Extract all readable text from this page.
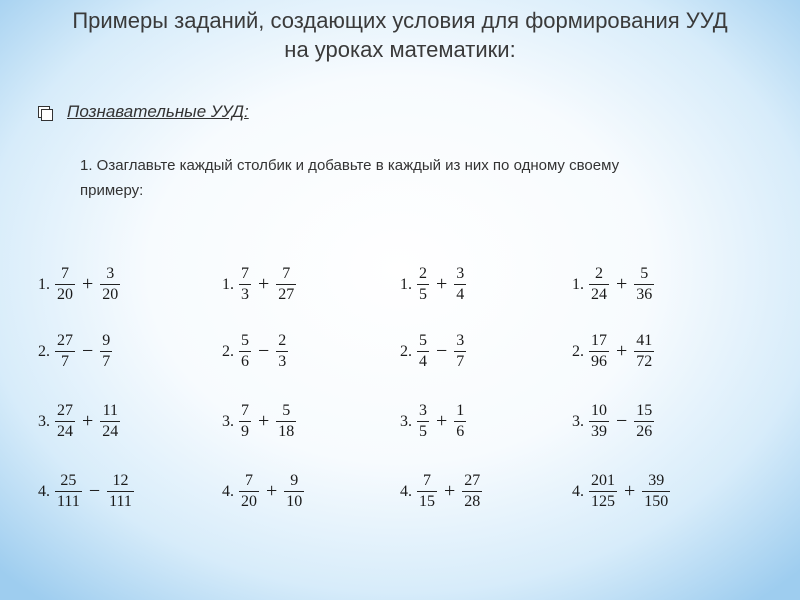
Примеры заданий, создающих условия для формирования УУД
на уроках математики:
Познавательные УУД:

1. Озаглавьте каждый столбик и добавьте в каждый из них по одному своему

примеру:

1. $\frac{7}{20} + \frac{3}{20}$
2. $\frac{27}{7} - \frac{9}{7}$
3. $\frac{27}{24} + \frac{11}{24}$
4. $\frac{25}{111} - \frac{12}{111}$
1. $\frac{7}{3} + \frac{7}{27}$
2. $\frac{5}{6} - \frac{2}{3}$
3. $\frac{7}{9} + \frac{5}{18}$
4. $\frac{7}{20} + \frac{9}{10}$
1. $\frac{2}{5} + \frac{3}{4}$
2. $\frac{5}{4} - \frac{3}{7}$
3. $\frac{3}{5} + \frac{1}{6}$
4. $\frac{7}{15} + \frac{27}{28}$
1. $\frac{2}{24} + \frac{5}{36}$
2. $\frac{17}{96} + \frac{41}{72}$
3. $\frac{10}{39} - \frac{15}{26}$
4. $\frac{201}{125} + \frac{39}{150}$
